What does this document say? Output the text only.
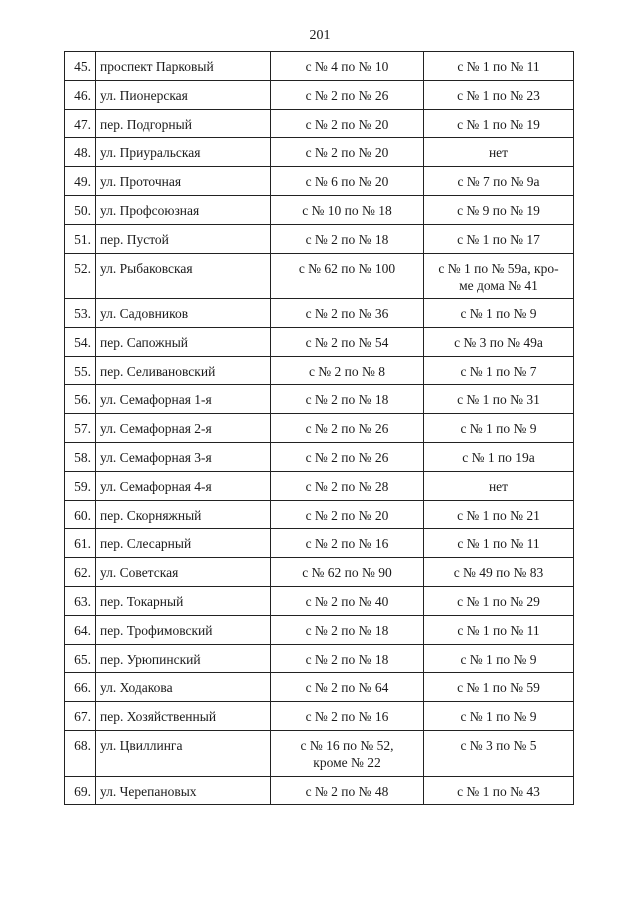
201
45.	проспект Парковый	с № 4 по № 10	с № 1 по № 11

46.	ул. Пионерская	с № 2 по № 26	с № 1 по № 23

47.	пер. Подгорный	с № 2 по № 20	с № 1 по № 19

48.	ул. Приуральская	с № 2 по № 20	нет

49.	ул. Проточная	с № 6 по № 20	с № 7 по № 9а

50.	ул. Профсоюзная	с № 10 по № 18	с № 9 по № 19

51.	пер. Пустой	с № 2 по № 18	с № 1 по № 17

52.	ул. Рыбаковская	с № 62 по № 100	с № 1 по № 59а, кро-
ме дома № 41

53.	ул. Садовников	с № 2 по № 36	с № 1 по № 9

54.	пер. Сапожный	с № 2 по № 54	с № 3 по № 49а

55.	пер. Селивановский	с № 2 по № 8	с № 1 по № 7

56.	ул. Семафорная 1-я	с № 2 по № 18	с № 1 по № 31

57.	ул. Семафорная 2-я	с № 2 по № 26	с № 1 по № 9

58.	ул. Семафорная 3-я	с № 2 по № 26	с № 1 по 19а

59.	ул. Семафорная 4-я	с № 2 по № 28	нет

60.	пер. Скорняжный	с № 2 по № 20	с № 1 по № 21

61.	пер. Слесарный	с № 2 по № 16	с № 1 по № 11

62.	ул. Советская	с № 62 по № 90	с № 49 по № 83

63.	пер. Токарный	с № 2 по № 40	с № 1 по № 29

64.	пер. Трофимовский	с № 2 по № 18	с № 1 по № 11

65.	пер. Урюпинский	с № 2 по № 18	с № 1 по № 9

66.	ул. Ходакова	с № 2 по № 64	с № 1 по № 59

67.	пер. Хозяйственный	с № 2 по № 16	с № 1 по № 9

68.	ул. Цвиллинга	с № 16 по № 52,
кроме № 22	с № 3 по № 5

69.	ул. Черепановых	с № 2 по № 48	с № 1 по № 43
